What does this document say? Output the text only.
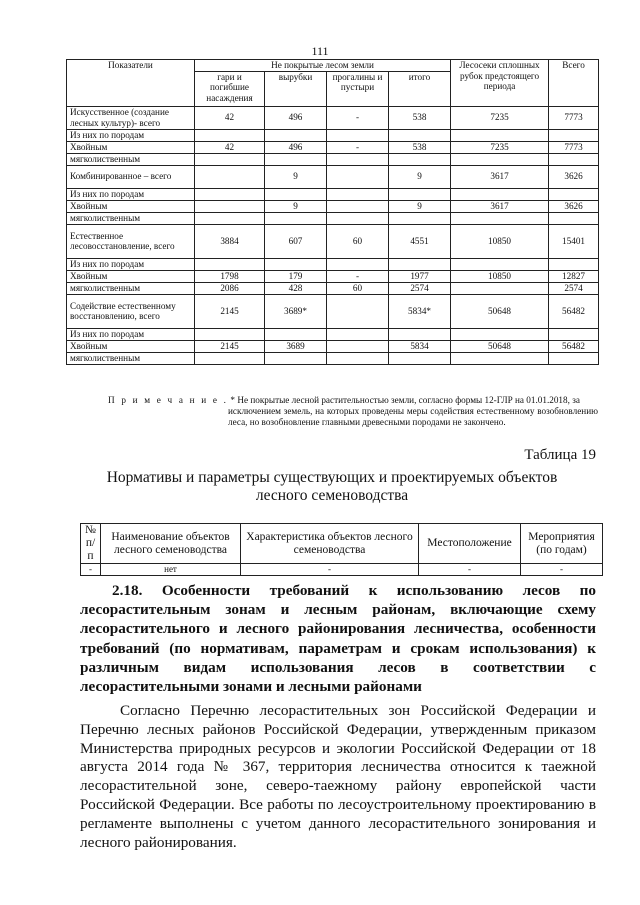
111
Показатели	Не покрытые лесом земли				Лесосеки сплошных рубок предстоящего периода	Всего
	гари и погибшие насаждения	вырубки	прогалины и пустыри	итого		
Искусственное (создание лесных культур)- всего	42	496	-	538	7235	7773
Из них по породам						
Хвойным	42	496	-	538	7235	7773
мягколиственным						
Комбинированное – всего		9		9	3617	3626
Из них по породам						
Хвойным		9		9	3617	3626
мягколиственным						
Естественное лесовосстановление, всего	3884	607	60	4551	10850	15401
Из них по породам						
Хвойным	1798	179	-	1977	10850	12827
мягколиственным	2086	428	60	2574		2574
Содействие естественному восстановлению, всего	2145	3689*		5834*	50648	56482
Из них по породам						
Хвойным	2145	3689		5834	50648	56482
мягколиственным						
П р и м е ч а н и е . * Не покрытые лесной растительностью земли, согласно формы 12-ГЛР на 01.01.2018, за
исключением земель, на которых проведены меры содействия естественному возобновлению леса, но возобновление главными древесными породами не закончено.
Таблица 19
Нормативы и параметры существующих и проектируемых объектов
лесного семеноводства
№ п/п	Наименование объектов лесного семеноводства	Характеристика объектов лесного семеноводства	Местоположение	Мероприятия (по годам)
-	нет	-	-	-
2.18. Особенности требований к использованию лесов по лесорастительным зонам и лесным районам, включающие схему лесорастительного и лесного районирования лесничества, особенности требований (по нормативам, параметрам и срокам использования) к различным видам использования лесов в соответствии с лесорастительными зонами и лесными районами
Согласно Перечню лесорастительных зон Российской Федерации и Перечню лесных районов Российской Федерации, утвержденным приказом Министерства природных ресурсов и экологии Российской Федерации от 18 августа 2014 года № 367, территория лесничества относится к таежной лесорастительной зоне, северо-таежному району европейской части Российской Федерации. Все работы по лесоустроительному проектированию в регламенте выполнены с учетом данного лесорастительного зонирования и лесного районирования.
